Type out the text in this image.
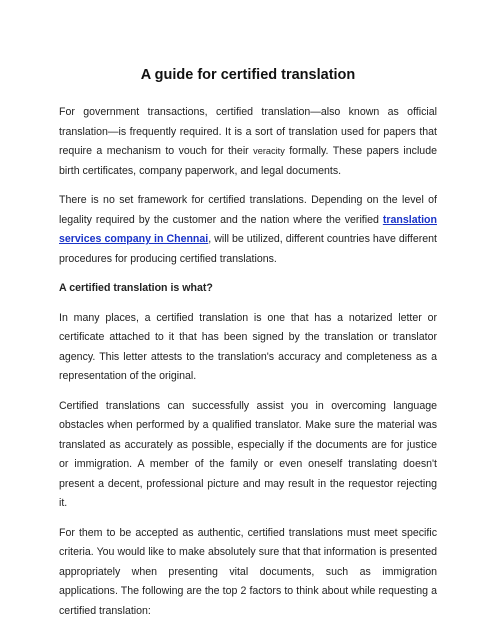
A guide for certified translation

For government transactions, certified translation—also known as official translation—is frequently required. It is a sort of translation used for papers that require a mechanism to vouch for their veracity formally. These papers include birth certificates, company paperwork, and legal documents.

There is no set framework for certified translations. Depending on the level of legality required by the customer and the nation where the verified translation services company in Chennai, will be utilized, different countries have different procedures for producing certified translations.

A certified translation is what?

In many places, a certified translation is one that has a notarized letter or certificate attached to it that has been signed by the translation or translator agency. This letter attests to the translation's accuracy and completeness as a representation of the original.

Certified translations can successfully assist you in overcoming language obstacles when performed by a qualified translator. Make sure the material was translated as accurately as possible, especially if the documents are for justice or immigration. A member of the family or even oneself translating doesn't present a decent, professional picture and may result in the requestor rejecting it.

For them to be accepted as authentic, certified translations must meet specific criteria. You would like to make absolutely sure that that information is presented appropriately when presenting vital documents, such as immigration applications. The following are the top 2 factors to think about while requesting a certified translation:
